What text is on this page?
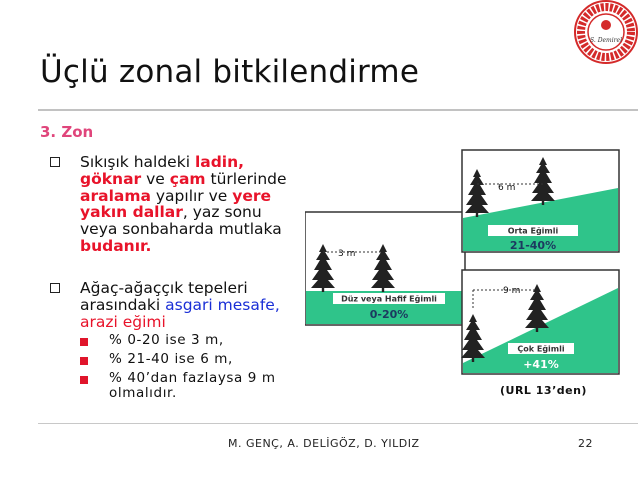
Üçlü zonal bitkilendirme
3. Zon
Sıkışık haldeki ladin, göknar ve çam türlerinde aralama yapılır ve yere yakın dallar, yaz sonu veya sonbaharda mutlaka budanır.
Ağaç-ağaççık tepeleri arasındaki asgari mesafe, arazi eğimi
% 0-20 ise 3 m,
% 21-40 ise 6 m,
% 40’dan fazlaysa 9 m olmalıdır.
3 m
Düz veya Hafif Eğimli
0-20%
6 m
Orta Eğimli
21-40%
9 m
Çok Eğimli
+41%
(URL 13’den)
S. Demirel
M. GENÇ, A. DELİGÖZ, D. YILDIZ	22
